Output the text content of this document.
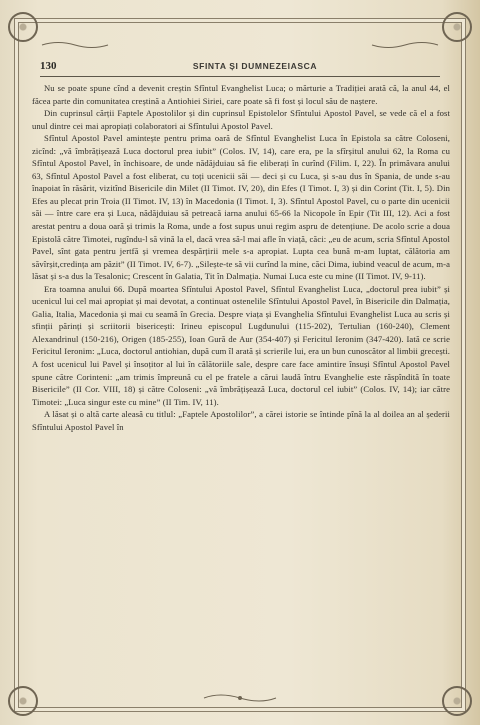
130	SFINTA ȘI DUMNEZEIASCA

Nu se poate spune cînd a devenit creștin Sfîntul Evanghelist Luca; o mărturie a Tradiției arată că, la anul 44, el făcea parte din comunitatea creștină a Antiohiei Siriei, care poate să fi fost și locul său de naștere.

Din cuprinsul cărții Faptele Apostolilor și din cuprinsul Epistolelor Sfîntului Apostol Pavel, se vede că el a fost unul dintre cei mai apropiați colaboratori ai Sfîntului Apostol Pavel.

Sfîntul Apostol Pavel amintește pentru prima oară de Sfîntul Evanghelist Luca în Epistola sa către Coloseni, zicînd: „vă îmbrățișează Luca doctorul prea iubit” (Colos. IV, 14), care era, pe la sfîrșitul anului 62, la Roma cu Sfîntul Apostol Pavel, în închisoare, de unde nădăjduiau să fie eliberați în curînd (Filim. I, 22). În primăvara anului 63, Sfîntul Apostol Pavel a fost eliberat, cu toți ucenicii săi — deci și cu Luca, și s-au dus în Spania, de unde s-au înapoiat în răsărit, vizitînd Bisericile din Milet (II Timot. IV, 20), din Efes (I Timot. I, 3) și din Corint (Tit. I, 5). Din Efes au plecat prin Troia (II Timot. IV, 13) în Macedonia (I Timot. I, 3). Sfîntul Apostol Pavel, cu o parte din ucenicii săi — între care era și Luca, nădăjduiau să petreacă iarna anului 65-66 la Nicopole în Epir (Tit III, 12). Aci a fost arestat pentru a doua oară și trimis la Roma, unde a fost supus unui regim aspru de detențiune. De acolo scrie a doua Epistolă către Timotei, rugîndu-l să vină la el, dacă vrea să-l mai afle în viață, căci: „eu de acum, scria Sfîntul Apostol Pavel, sînt gata pentru jertfă și vremea despărțirii mele s-a apropiat. Lupta cea bună m-am luptat, călătoria am săvîrșit,credința am păzit” (II Timot. IV, 6-7). „Silește-te să vii curînd la mine, căci Dima, iubind veacul de acum, m-a lăsat și s-a dus la Tesalonic; Crescent în Galatia, Tit în Dalmația. Numai Luca este cu mine (II Timot. IV, 9-11).

Era toamna anului 66. După moartea Sfîntului Apostol Pavel, Sfîntul Evanghelist Luca, „doctorul prea iubit” și ucenicul lui cel mai apropiat și mai devotat, a continuat ostenelile Sfîntului Apostol Pavel, în Bisericile din Dalmația, Galia, Italia, Macedonia și mai cu seamă în Grecia. Despre viața și Evanghelia Sfîntului Evanghelist Luca au scris și sfinții părinți și scriitorii bisericești: Irineu episcopul Lugdunului (115-202), Tertulian (160-240), Clement Alexandrinul (150-216), Origen (185-255), Ioan Gură de Aur (354-407) și Fericitul Ieronim (347-420). Iată ce scrie Fericitul Ieronim: „Luca, doctorul antiohian, după cum îl arată și scrierile lui, era un bun cunoscător al limbii grecești. A fost ucenicul lui Pavel și însoțitor al lui în călătoriile sale, despre care face amintire însuși Sfîntul Apostol Pavel spune către Corinteni: „am trimis împreună cu el pe fratele a cărui laudă întru Evanghelie este răspîndită în toate Bisericile” (II Cor. VIII, 18) și către Coloseni: „vă îmbrățișează Luca, doctorul cel iubit” (Colos. IV, 14); iar către Timotei: „Luca singur este cu mine” (II Tim. IV, 11).

A lăsat și o altă carte aleasă cu titlul: „Faptele Apostolilor”, a cărei istorie se întinde pînă la al doilea an al șederii Sfîntului Apostol Pavel în
